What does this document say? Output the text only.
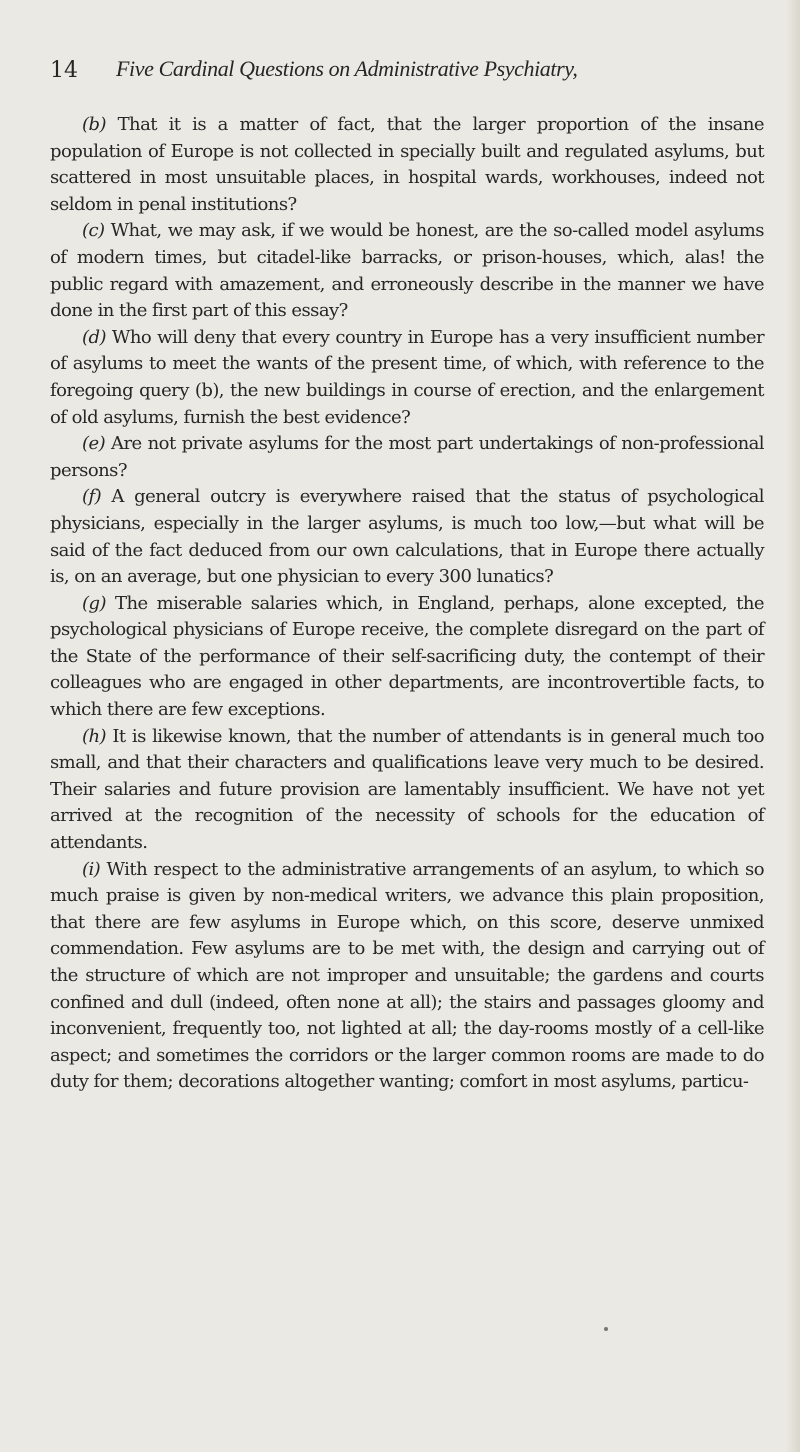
14 Five Cardinal Questions on Administrative Psychiatry,

(b) That it is a matter of fact, that the larger proportion of the insane population of Europe is not collected in specially built and regulated asylums, but scattered in most unsuitable places, in hospital wards, workhouses, indeed not seldom in penal institutions?

(c) What, we may ask, if we would be honest, are the so-called model asylums of modern times, but citadel-like barracks, or prison-houses, which, alas! the public regard with amazement, and erroneously describe in the manner we have done in the first part of this essay?

(d) Who will deny that every country in Europe has a very insufficient number of asylums to meet the wants of the present time, of which, with reference to the foregoing query (b), the new buildings in course of erection, and the enlargement of old asylums, furnish the best evidence?

(e) Are not private asylums for the most part undertakings of non-professional persons?

(f) A general outcry is everywhere raised that the status of psychological physicians, especially in the larger asylums, is much too low,—but what will be said of the fact deduced from our own calculations, that in Europe there actually is, on an average, but one physician to every 300 lunatics?

(g) The miserable salaries which, in England, perhaps, alone excepted, the psychological physicians of Europe receive, the complete disregard on the part of the State of the performance of their self-sacrificing duty, the contempt of their colleagues who are engaged in other departments, are incontrovertible facts, to which there are few exceptions.

(h) It is likewise known, that the number of attendants is in general much too small, and that their characters and qualifications leave very much to be desired. Their salaries and future provision are lamentably insufficient. We have not yet arrived at the recognition of the necessity of schools for the education of attendants.

(i) With respect to the administrative arrangements of an asylum, to which so much praise is given by non-medical writers, we advance this plain proposition, that there are few asylums in Europe which, on this score, deserve unmixed commendation. Few asylums are to be met with, the design and carrying out of the structure of which are not improper and unsuitable; the gardens and courts confined and dull (indeed, often none at all); the stairs and passages gloomy and inconvenient, frequently too, not lighted at all; the day-rooms mostly of a cell-like aspect; and sometimes the corridors or the larger common rooms are made to do duty for them; decorations altogether wanting; comfort in most asylums, particu-
